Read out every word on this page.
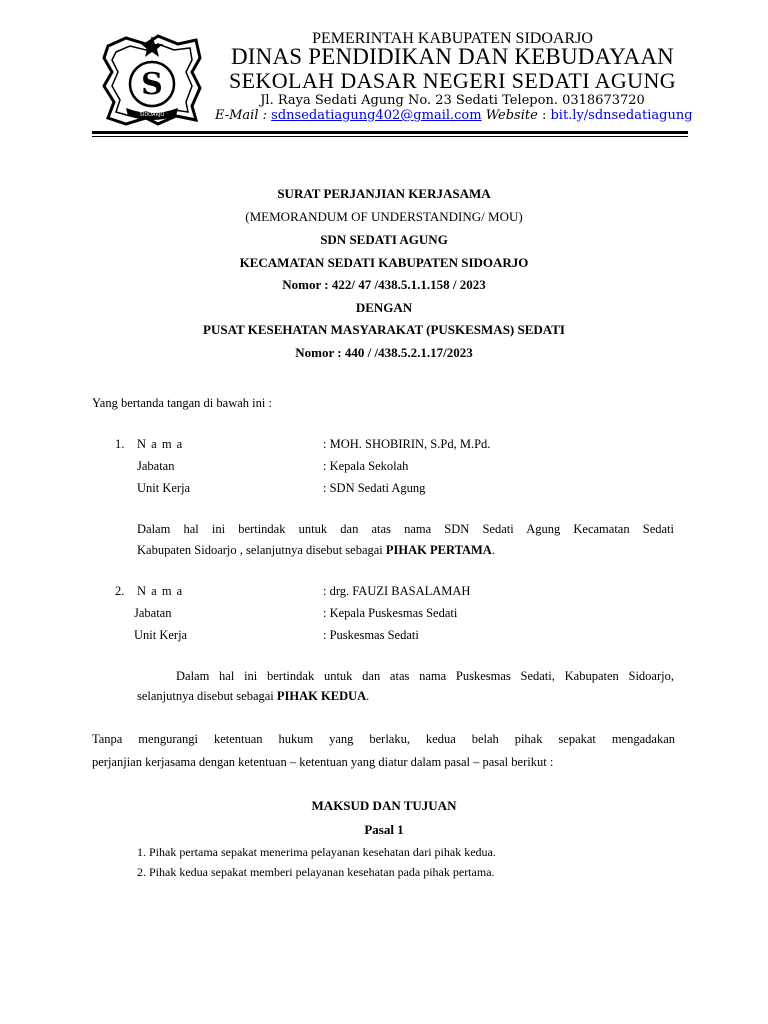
S
SIDOARJO
PEMERINTAH KABUPATEN SIDOARJO
DINAS PENDIDIKAN DAN KEBUDAYAAN
SEKOLAH DASAR NEGERI SEDATI AGUNG
Jl. Raya Sedati Agung No. 23 Sedati Telepon. 0318673720
E-Mail : sdnsedatiagung402@gmail.com Website : bit.ly/sdnsedatiagung
SURAT PERJANJIAN KERJASAMA
(MEMORANDUM OF UNDERSTANDING/ MOU)
SDN SEDATI AGUNG
KECAMATAN SEDATI KABUPATEN SIDOARJO
Nomor : 422/ 47 /438.5.1.1.158 / 2023
DENGAN
PUSAT KESEHATAN MASYARAKAT (PUSKESMAS) SEDATI
Nomor : 440 / /438.5.2.1.17/2023
Yang bertanda tangan di bawah ini :
1. N a m a	: MOH. SHOBIRIN, S.Pd, M.Pd.
Jabatan	: Kepala Sekolah
Unit Kerja	: SDN Sedati Agung
Dalam hal ini bertindak untuk dan atas nama SDN Sedati Agung Kecamatan Sedati
Kabupaten Sidoarjo , selanjutnya disebut sebagai PIHAK PERTAMA.
2. N a m a	: drg. FAUZI BASALAMAH
Jabatan	: Kepala Puskesmas Sedati
Unit Kerja	: Puskesmas Sedati
Dalam hal ini bertindak untuk dan atas nama Puskesmas Sedati, Kabupaten Sidoarjo,
selanjutnya disebut sebagai PIHAK KEDUA.
Tanpa mengurangi ketentuan hukum yang berlaku, kedua belah pihak sepakat mengadakan
perjanjian kerjasama dengan ketentuan – ketentuan yang diatur dalam pasal – pasal berikut :
MAKSUD DAN TUJUAN
Pasal 1
1. Pihak pertama sepakat menerima pelayanan kesehatan dari pihak kedua.
2. Pihak kedua sepakat memberi pelayanan kesehatan pada pihak pertama.
